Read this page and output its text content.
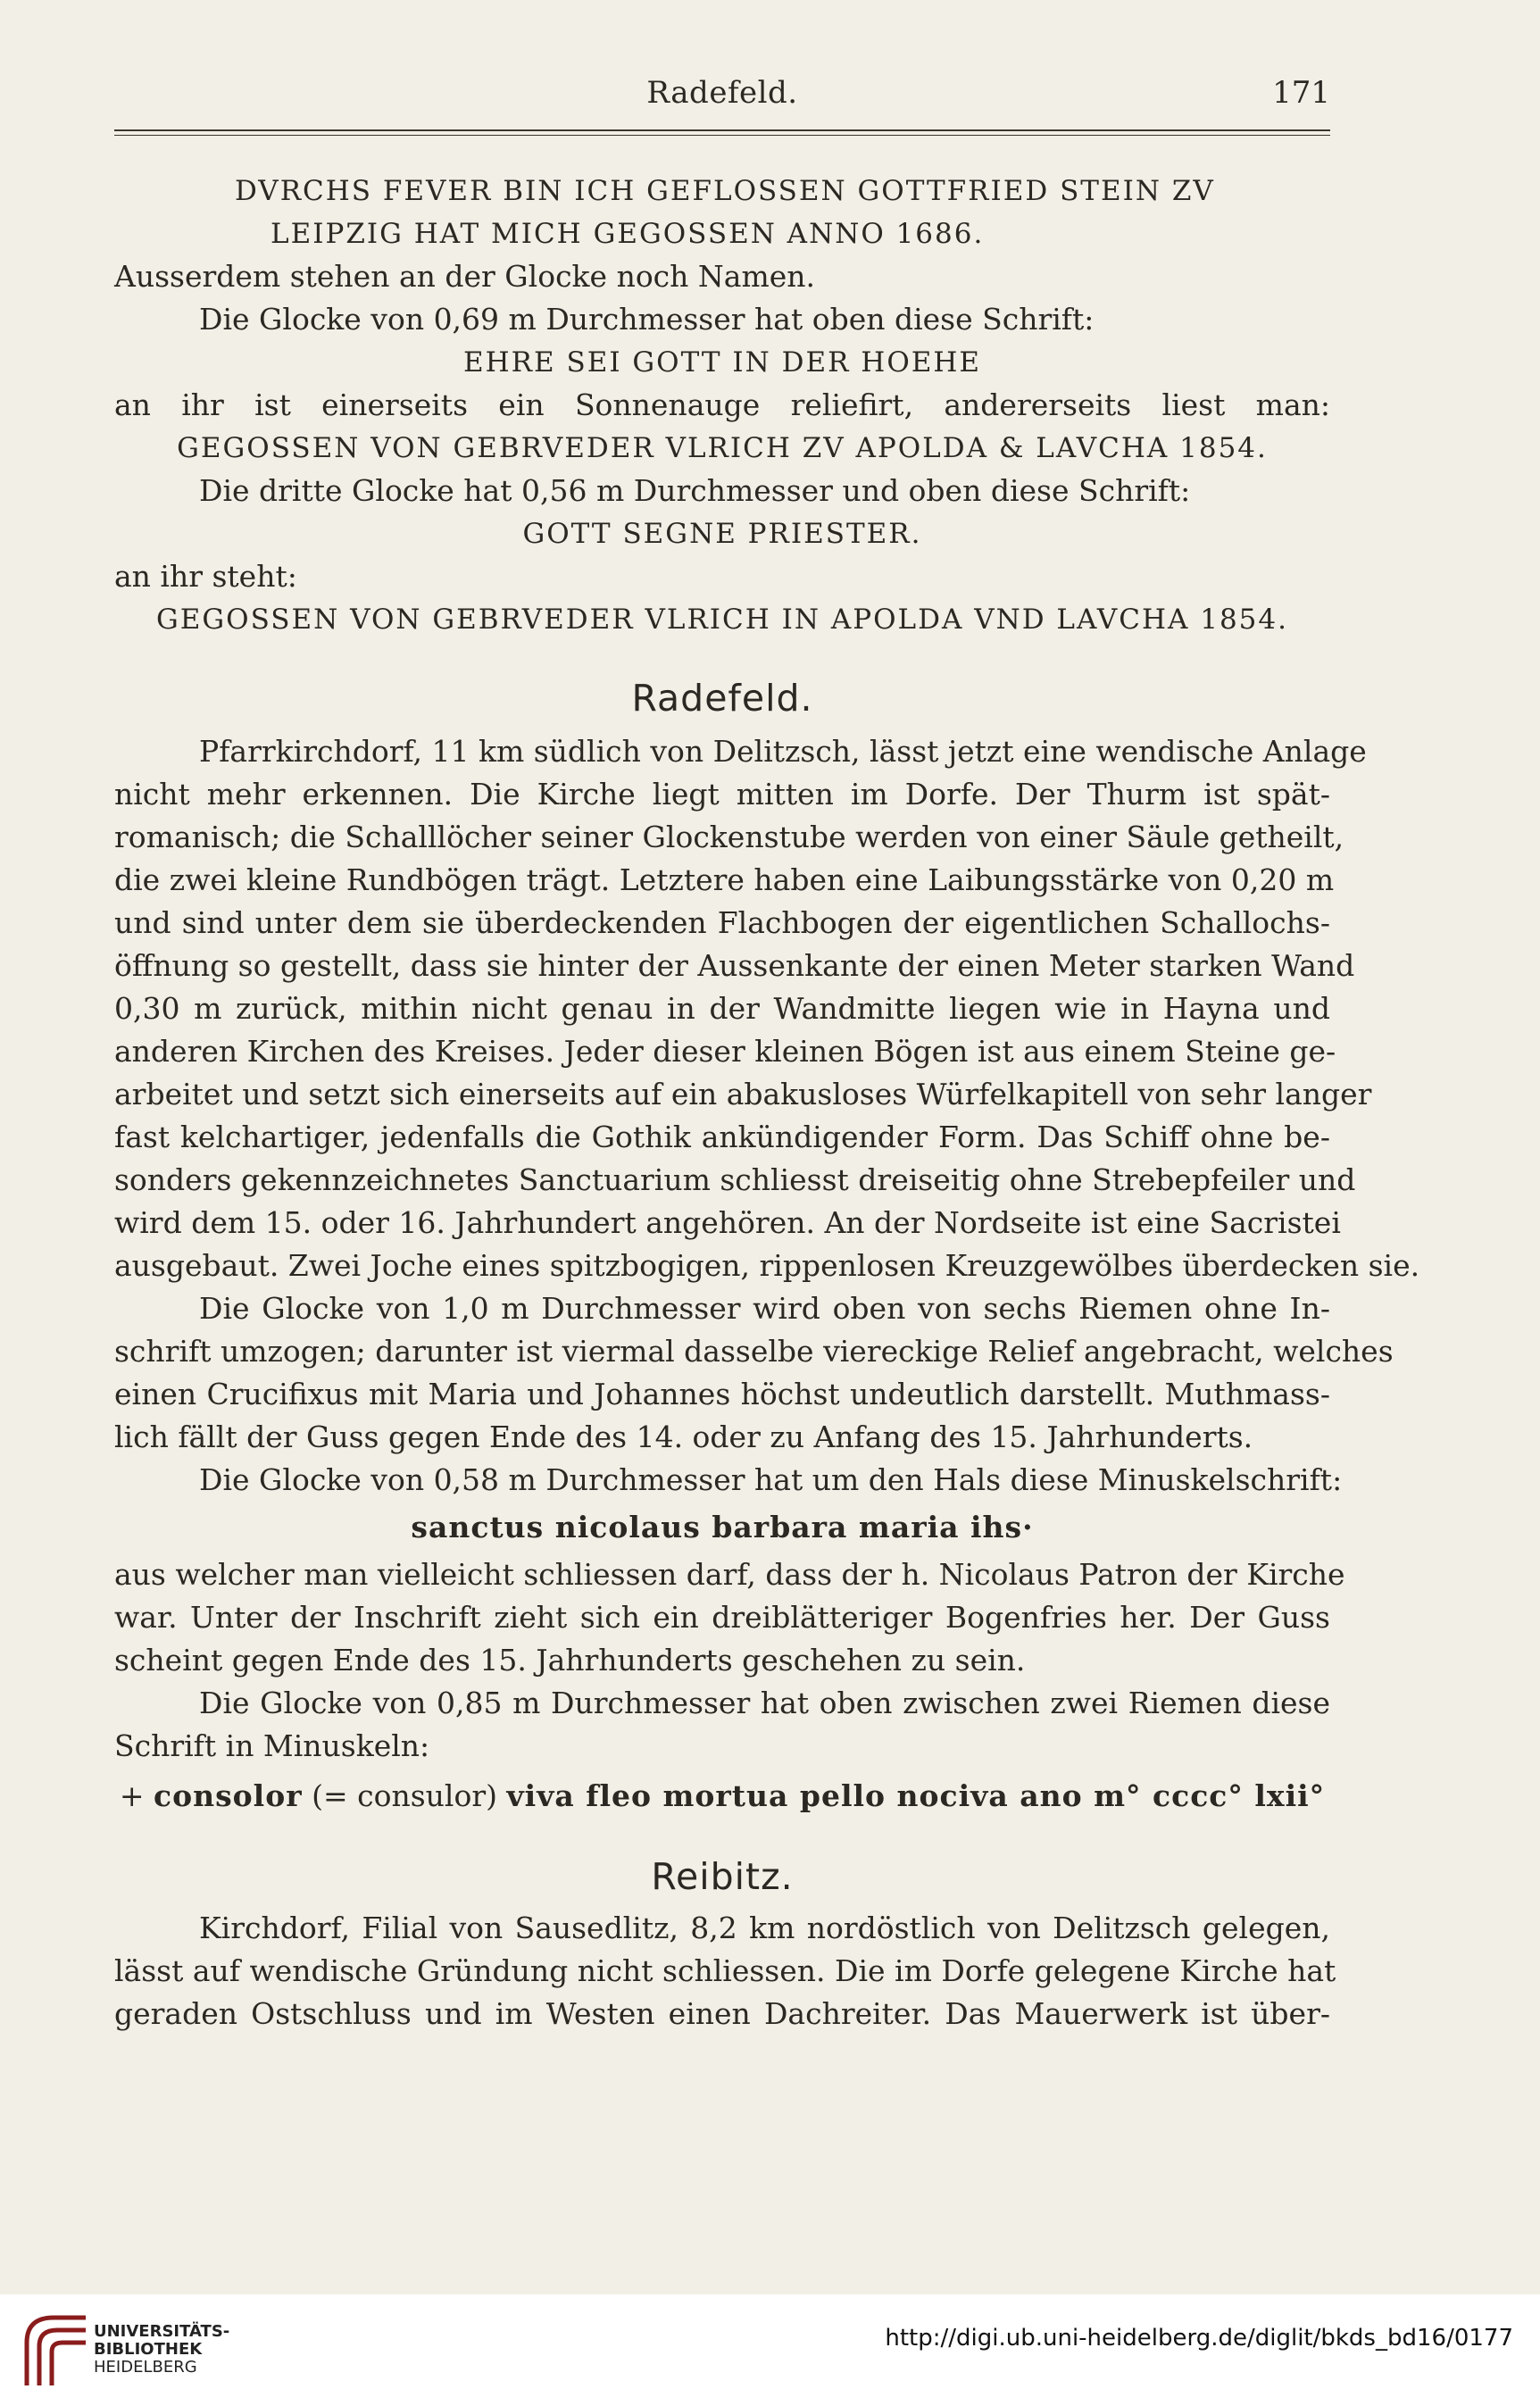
Radefeld.	171
DVRCHS FEVER BIN ICH GEFLOSSEN GOTTFRIED STEIN ZV
LEIPZIG HAT MICH GEGOSSEN ANNO 1686.
Ausserdem stehen an der Glocke noch Namen.
Die Glocke von 0,69 m Durchmesser hat oben diese Schrift:
EHRE SEI GOTT IN DER HOEHE
an ihr ist einerseits ein Sonnenauge reliefirt, andererseits liest man:
GEGOSSEN VON GEBRVEDER VLRICH ZV APOLDA & LAVCHA 1854.
Die dritte Glocke hat 0,56 m Durchmesser und oben diese Schrift:
GOTT SEGNE PRIESTER.
an ihr steht:
GEGOSSEN VON GEBRVEDER VLRICH IN APOLDA VND LAVCHA 1854.
Radefeld.
Pfarrkirchdorf, 11 km südlich von Delitzsch, lässt jetzt eine wendische Anlage
nicht mehr erkennen. Die Kirche liegt mitten im Dorfe. Der Thurm ist spät-
romanisch; die Schalllöcher seiner Glockenstube werden von einer Säule getheilt,
die zwei kleine Rundbögen trägt. Letztere haben eine Laibungsstärke von 0,20 m
und sind unter dem sie überdeckenden Flachbogen der eigentlichen Schallochs-
öffnung so gestellt, dass sie hinter der Aussenkante der einen Meter starken Wand
0,30 m zurück, mithin nicht genau in der Wandmitte liegen wie in Hayna und
anderen Kirchen des Kreises. Jeder dieser kleinen Bögen ist aus einem Steine ge-
arbeitet und setzt sich einerseits auf ein abakusloses Würfelkapitell von sehr langer
fast kelchartiger, jedenfalls die Gothik ankündigender Form. Das Schiff ohne be-
sonders gekennzeichnetes Sanctuarium schliesst dreiseitig ohne Strebepfeiler und
wird dem 15. oder 16. Jahrhundert angehören. An der Nordseite ist eine Sacristei
ausgebaut. Zwei Joche eines spitzbogigen, rippenlosen Kreuzgewölbes überdecken sie.
Die Glocke von 1,0 m Durchmesser wird oben von sechs Riemen ohne In-
schrift umzogen; darunter ist viermal dasselbe viereckige Relief angebracht, welches
einen Crucifixus mit Maria und Johannes höchst undeutlich darstellt. Muthmass-
lich fällt der Guss gegen Ende des 14. oder zu Anfang des 15. Jahrhunderts.
Die Glocke von 0,58 m Durchmesser hat um den Hals diese Minuskelschrift:
sanctus nicolaus barbara maria ihs·
aus welcher man vielleicht schliessen darf, dass der h. Nicolaus Patron der Kirche
war. Unter der Inschrift zieht sich ein dreiblätteriger Bogenfries her. Der Guss
scheint gegen Ende des 15. Jahrhunderts geschehen zu sein.
Die Glocke von 0,85 m Durchmesser hat oben zwischen zwei Riemen diese
Schrift in Minuskeln:
+ consolor (= consulor) viva fleo mortua pello nociva ano m° cccc° lxii°
Reibitz.
Kirchdorf, Filial von Sausedlitz, 8,2 km nordöstlich von Delitzsch gelegen,
lässt auf wendische Gründung nicht schliessen. Die im Dorfe gelegene Kirche hat
geraden Ostschluss und im Westen einen Dachreiter. Das Mauerwerk ist über-
UNIVERSITÄTS-
BIBLIOTHEK
HEIDELBERG
http://digi.ub.uni-heidelberg.de/diglit/bkds_bd16/0177
